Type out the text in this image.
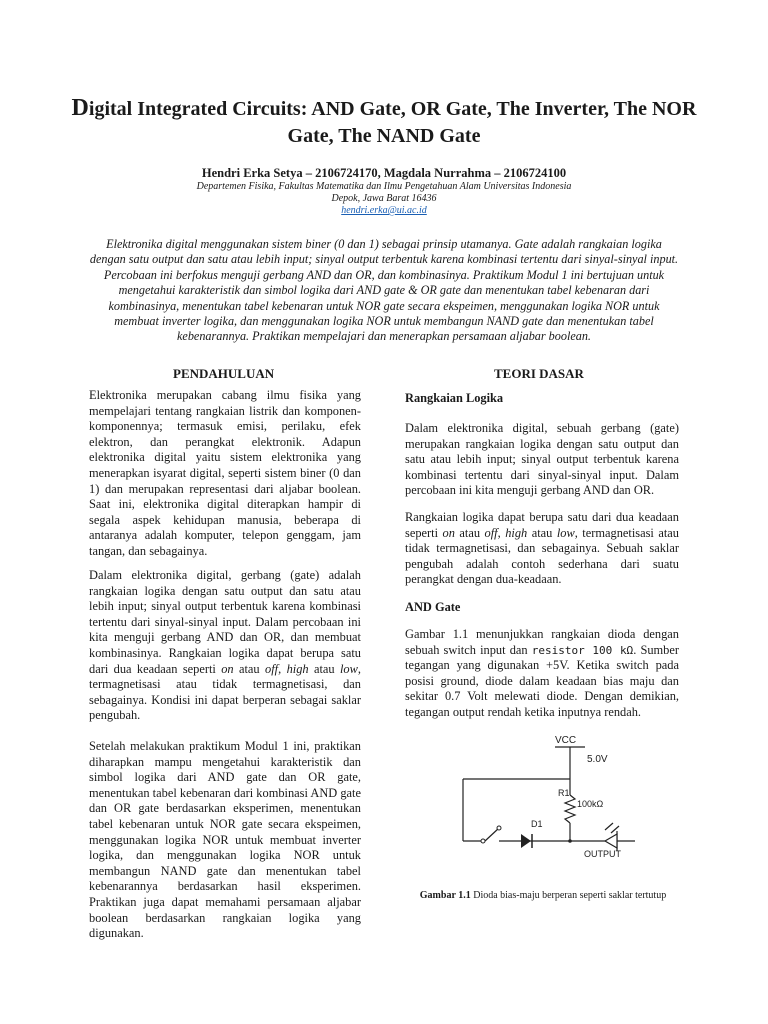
Digital Integrated Circuits: AND Gate, OR Gate, The Inverter, The NOR Gate, The NAND Gate
Hendri Erka Setya – 2106724170, Magdala Nurrahma – 2106724100
Departemen Fisika, Fakultas Matematika dan Ilmu Pengetahuan Alam Universitas Indonesia
Depok, Jawa Barat 16436
hendri.erka@ui.ac.id
Elektronika digital menggunakan sistem biner (0 dan 1) sebagai prinsip utamanya. Gate adalah rangkaian logika dengan satu output dan satu atau lebih input; sinyal output terbentuk karena kombinasi tertentu dari sinyal-sinyal input. Percobaan ini berfokus menguji gerbang AND dan OR, dan kombinasinya. Praktikum Modul 1 ini bertujuan untuk mengetahui karakteristik dan simbol logika dari AND gate & OR gate dan menentukan tabel kebenaran dari kombinasinya, menentukan tabel kebenaran untuk NOR gate secara ekspeimen, menggunakan logika NOR untuk membuat inverter logika, dan menggunakan logika NOR untuk membangun NAND gate dan menentukan tabel kebenarannya. Praktikan mempelajari dan menerapkan persamaan aljabar boolean.
PENDAHULUAN

Elektronika merupakan cabang ilmu fisika yang mempelajari tentang rangkaian listrik dan komponen-komponennya; termasuk emisi, perilaku, efek elektron, dan perangkat elektronik. Adapun elektronika digital yaitu sistem elektronika yang menerapkan isyarat digital, seperti sistem biner (0 dan 1) dan merupakan representasi dari aljabar boolean. Saat ini, elektronika digital diterapkan hampir di segala aspek kehidupan manusia, beberapa di antaranya adalah komputer, telepon genggam, jam tangan, dan sebagainya.

Dalam elektronika digital, gerbang (gate) adalah rangkaian logika dengan satu output dan satu atau lebih input; sinyal output terbentuk karena kombinasi tertentu dari sinyal-sinyal input. Dalam percobaan ini kita menguji gerbang AND dan OR, dan membuat kombinasinya. Rangkaian logika dapat berupa satu dari dua keadaan seperti on atau off, high atau low, termagnetisasi atau tidak termagnetisasi, dan sebagainya. Kondisi ini dapat berperan sebagai saklar pengubah.

Setelah melakukan praktikum Modul 1 ini, praktikan diharapkan mampu mengetahui karakteristik dan simbol logika dari AND gate dan OR gate, menentukan tabel kebenaran dari kombinasi AND gate dan OR gate berdasarkan eksperimen, menentukan tabel kebenaran untuk NOR gate secara ekspeimen, menggunakan logika NOR untuk membuat inverter logika, dan menggunakan logika NOR untuk membangun NAND gate dan menentukan tabel kebenarannya berdasarkan hasil eksperimen. Praktikan juga dapat memahami persamaan aljabar boolean berdasarkan rangkaian logika yang digunakan.

TEORI DASAR
Rangkaian Logika

Dalam elektronika digital, sebuah gerbang (gate) merupakan rangkaian logika dengan satu output dan satu atau lebih input; sinyal output terbentuk karena kombinasi tertentu dari sinyal-sinyal input. Dalam percobaan ini kita menguji gerbang AND dan OR.

Rangkaian logika dapat berupa satu dari dua keadaan seperti on atau off, high atau low, termagnetisasi atau tidak termagnetisasi, dan sebagainya. Sebuah saklar pengubah adalah contoh sederhana dari suatu perangkat dengan dua-keadaan.

AND Gate

Gambar 1.1 menunjukkan rangkaian dioda dengan sebuah switch input dan resistor 100 kΩ. Sumber tegangan yang digunakan +5V. Ketika switch pada posisi ground, diode dalam keadaan bias maju dan sekitar 0.7 Volt melewati diode. Dengan demikian, tegangan output rendah ketika inputnya rendah.

VCC
5.0V
R1
100kΩ
D1
OUTPUT
Gambar 1.1 Dioda bias-maju berperan seperti saklar tertutup
